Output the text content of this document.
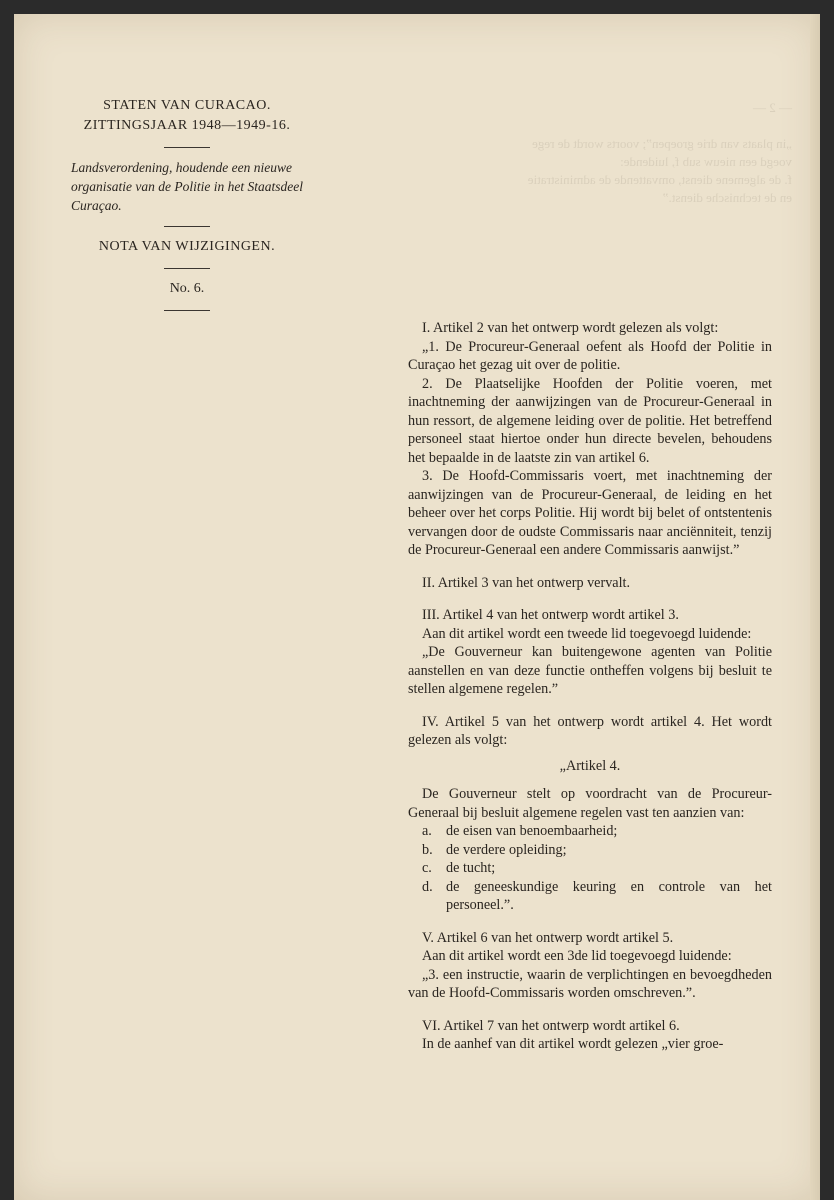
— 2 —

„in plaats van drie groepen”; voorts wordt de rege
voegd een nieuw sub f, luidende:
f. de algemene dienst, omvattende de administratie
en de technische dienst.”
STATEN VAN CURACAO.
ZITTINGSJAAR 1948—1949-16.
Landsverordening, houdende een nieuwe organisatie van de Politie in het Staatsdeel Curaçao.
NOTA VAN WIJZIGINGEN.
No. 6.

I. Artikel 2 van het ontwerp wordt gelezen als volgt:

„1. De Procureur-Generaal oefent als Hoofd der Politie in Curaçao het gezag uit over de politie.

2. De Plaatselijke Hoofden der Politie voeren, met inachtneming der aanwijzingen van de Procureur-Generaal in hun ressort, de algemene leiding over de politie. Het betreffend personeel staat hiertoe onder hun directe bevelen, behoudens het bepaalde in de laatste zin van artikel 6.

3. De Hoofd-Commissaris voert, met inachtneming der aanwijzingen van de Procureur-Generaal, de leiding en het beheer over het corps Politie. Hij wordt bij belet of ontstentenis vervangen door de oudste Commissaris naar anciënniteit, tenzij de Procureur-Generaal een andere Commissaris aanwijst.”

II. Artikel 3 van het ontwerp vervalt.

III. Artikel 4 van het ontwerp wordt artikel 3.

Aan dit artikel wordt een tweede lid toegevoegd luidende:

„De Gouverneur kan buitengewone agenten van Politie aanstellen en van deze functie ontheffen volgens bij besluit te stellen algemene regelen.”

IV. Artikel 5 van het ontwerp wordt artikel 4. Het wordt gelezen als volgt:

„Artikel 4.

De Gouverneur stelt op voordracht van de Procureur-Generaal bij besluit algemene regelen vast ten aanzien van:

a. de eisen van benoembaarheid;
b. de verdere opleiding;
c. de tucht;
d. de geneeskundige keuring en controle van het personeel.”.

V. Artikel 6 van het ontwerp wordt artikel 5.

Aan dit artikel wordt een 3de lid toegevoegd luidende:

„3. een instructie, waarin de verplichtingen en bevoegdheden van de Hoofd-Commissaris worden omschreven.”.

VI. Artikel 7 van het ontwerp wordt artikel 6.

In de aanhef van dit artikel wordt gelezen „vier groe-
